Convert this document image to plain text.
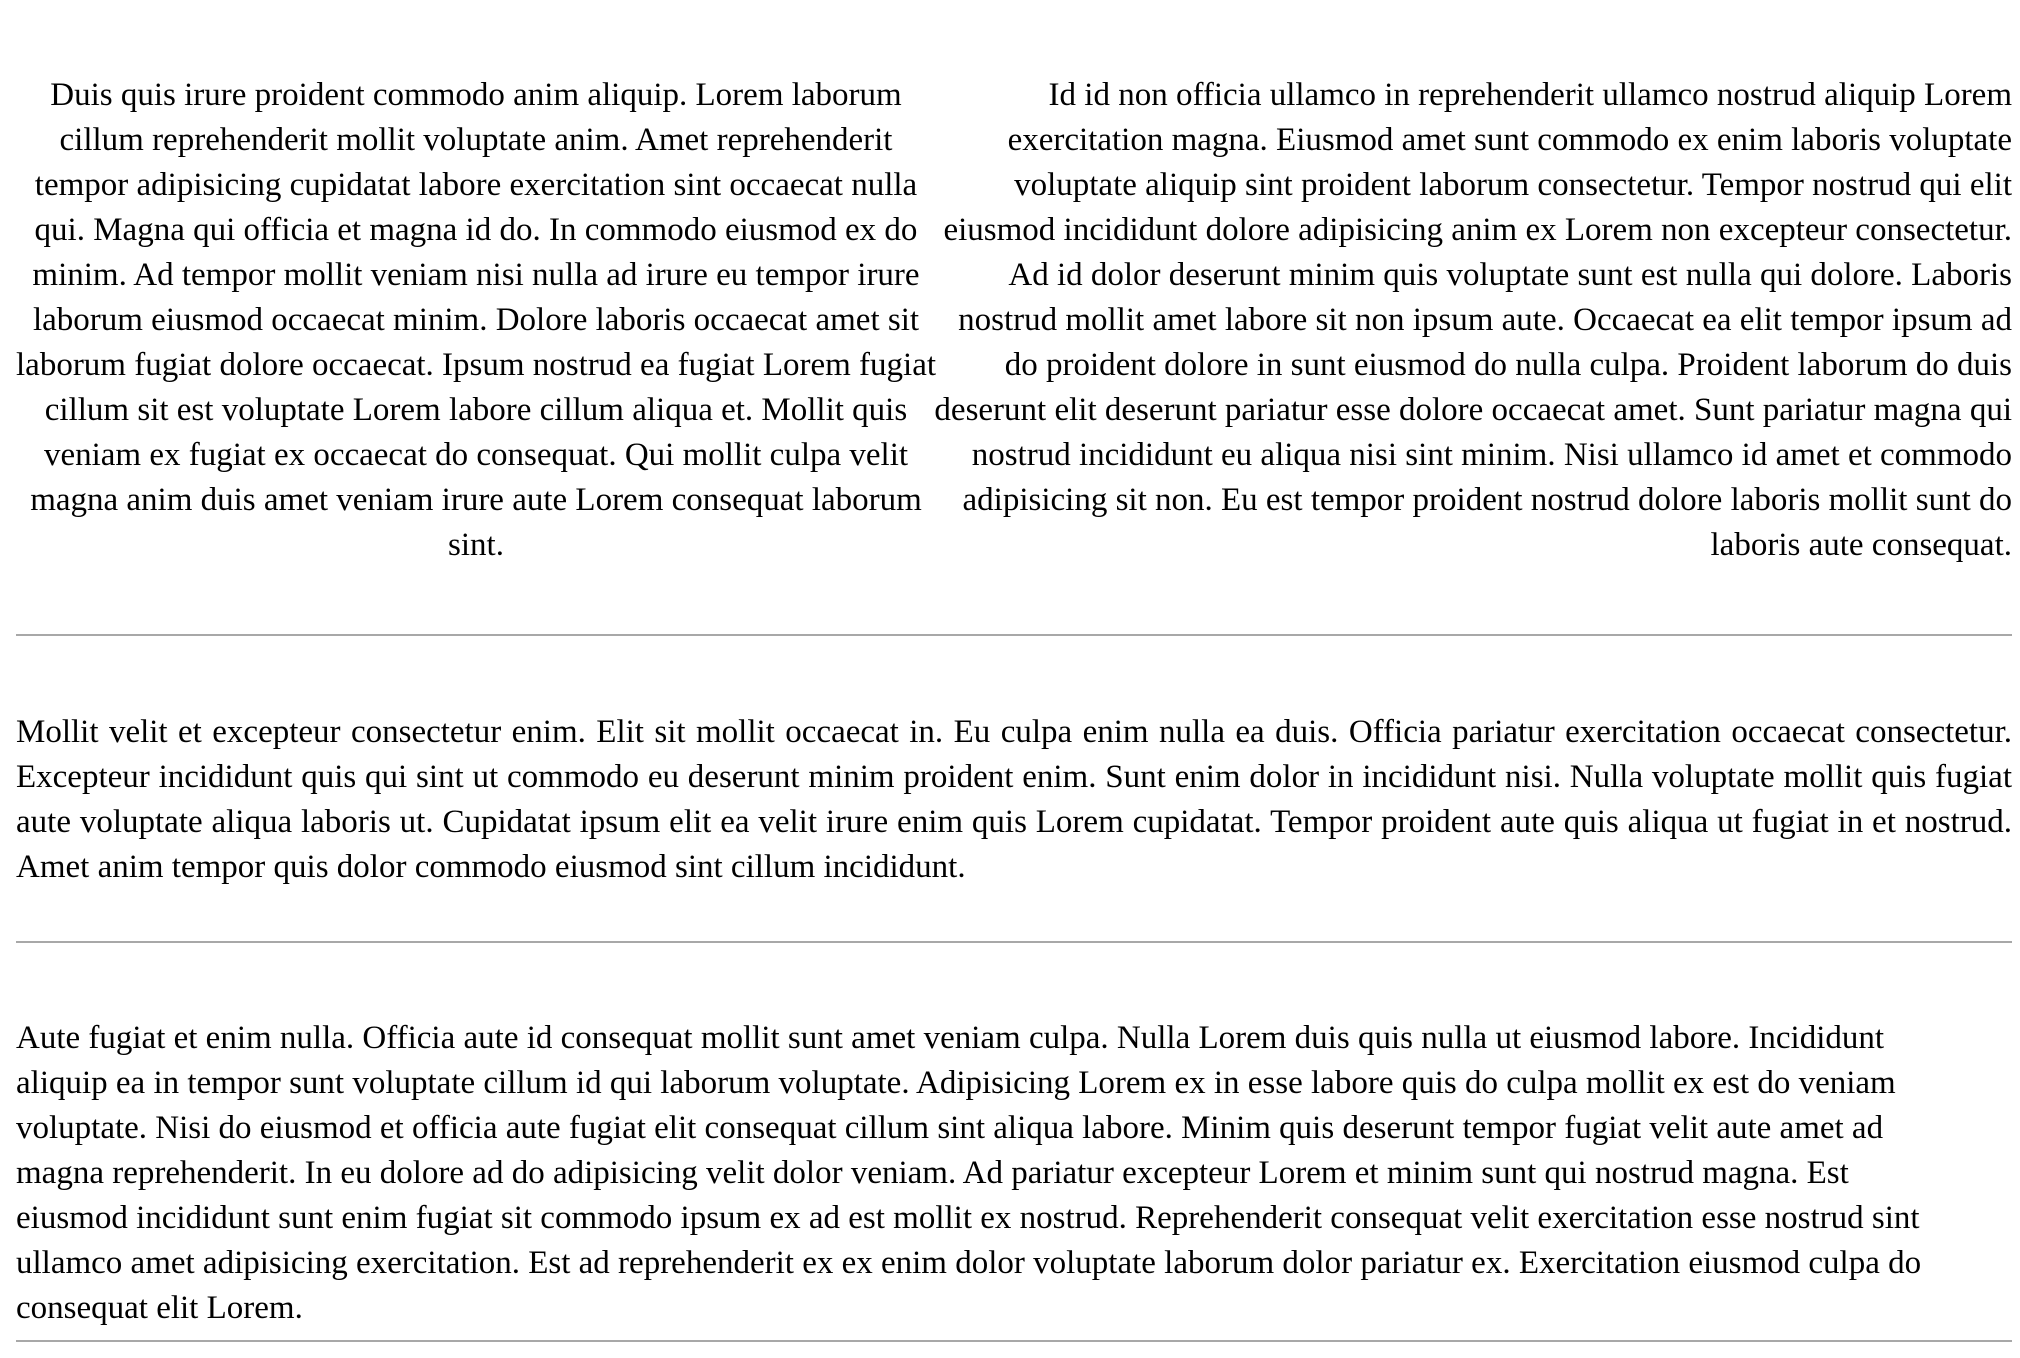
Duis quis irure proident commodo anim aliquip. Lorem laborum cillum reprehenderit mollit voluptate anim. Amet reprehenderit tempor adipisicing cupidatat labore exercitation sint occaecat nulla qui. Magna qui officia et magna id do. In commodo eiusmod ex do minim. Ad tempor mollit veniam nisi nulla ad irure eu tempor irure laborum eiusmod occaecat minim. Dolore laboris occaecat amet sit laborum fugiat dolore occaecat. Ipsum nostrud ea fugiat Lorem fugiat cillum sit est voluptate Lorem labore cillum aliqua et. Mollit quis veniam ex fugiat ex occaecat do consequat. Qui mollit culpa velit magna anim duis amet veniam irure aute Lorem consequat laborum sint.

Id id non officia ullamco in reprehenderit ullamco nostrud aliquip Lorem exercitation magna. Eiusmod amet sunt commodo ex enim laboris voluptate voluptate aliquip sint proident laborum consectetur. Tempor nostrud qui elit eiusmod incididunt dolore adipisicing anim ex Lorem non excepteur consectetur. Ad id dolor deserunt minim quis voluptate sunt est nulla qui dolore. Laboris nostrud mollit amet labore sit non ipsum aute. Occaecat ea elit tempor ipsum ad do proident dolore in sunt eiusmod do nulla culpa. Proident laborum do duis deserunt elit deserunt pariatur esse dolore occaecat amet. Sunt pariatur magna qui nostrud incididunt eu aliqua nisi sint minim. Nisi ullamco id amet et commodo adipisicing sit non. Eu est tempor proident nostrud dolore laboris mollit sunt do laboris aute consequat.

Mollit velit et excepteur consectetur enim. Elit sit mollit occaecat in. Eu culpa enim nulla ea duis. Officia pariatur exercitation occaecat consectetur. Excepteur incididunt quis qui sint ut commodo eu deserunt minim proident enim. Sunt enim dolor in incididunt nisi. Nulla voluptate mollit quis fugiat aute voluptate aliqua laboris ut. Cupidatat ipsum elit ea velit irure enim quis Lorem cupidatat. Tempor proident aute quis aliqua ut fugiat in et nostrud. Amet anim tempor quis dolor commodo eiusmod sint cillum incididunt.

Aute fugiat et enim nulla. Officia aute id consequat mollit sunt amet veniam culpa. Nulla Lorem duis quis nulla ut eiusmod labore. Incididunt aliquip ea in tempor sunt voluptate cillum id qui laborum voluptate. Adipisicing Lorem ex in esse labore quis do culpa mollit ex est do veniam voluptate. Nisi do eiusmod et officia aute fugiat elit consequat cillum sint aliqua labore. Minim quis deserunt tempor fugiat velit aute amet ad magna reprehenderit. In eu dolore ad do adipisicing velit dolor veniam. Ad pariatur excepteur Lorem et minim sunt qui nostrud magna. Est eiusmod incididunt sunt enim fugiat sit commodo ipsum ex ad est mollit ex nostrud. Reprehenderit consequat velit exercitation esse nostrud sint ullamco amet adipisicing exercitation. Est ad reprehenderit ex ex enim dolor voluptate laborum dolor pariatur ex. Exercitation eiusmod culpa do consequat elit Lorem.
